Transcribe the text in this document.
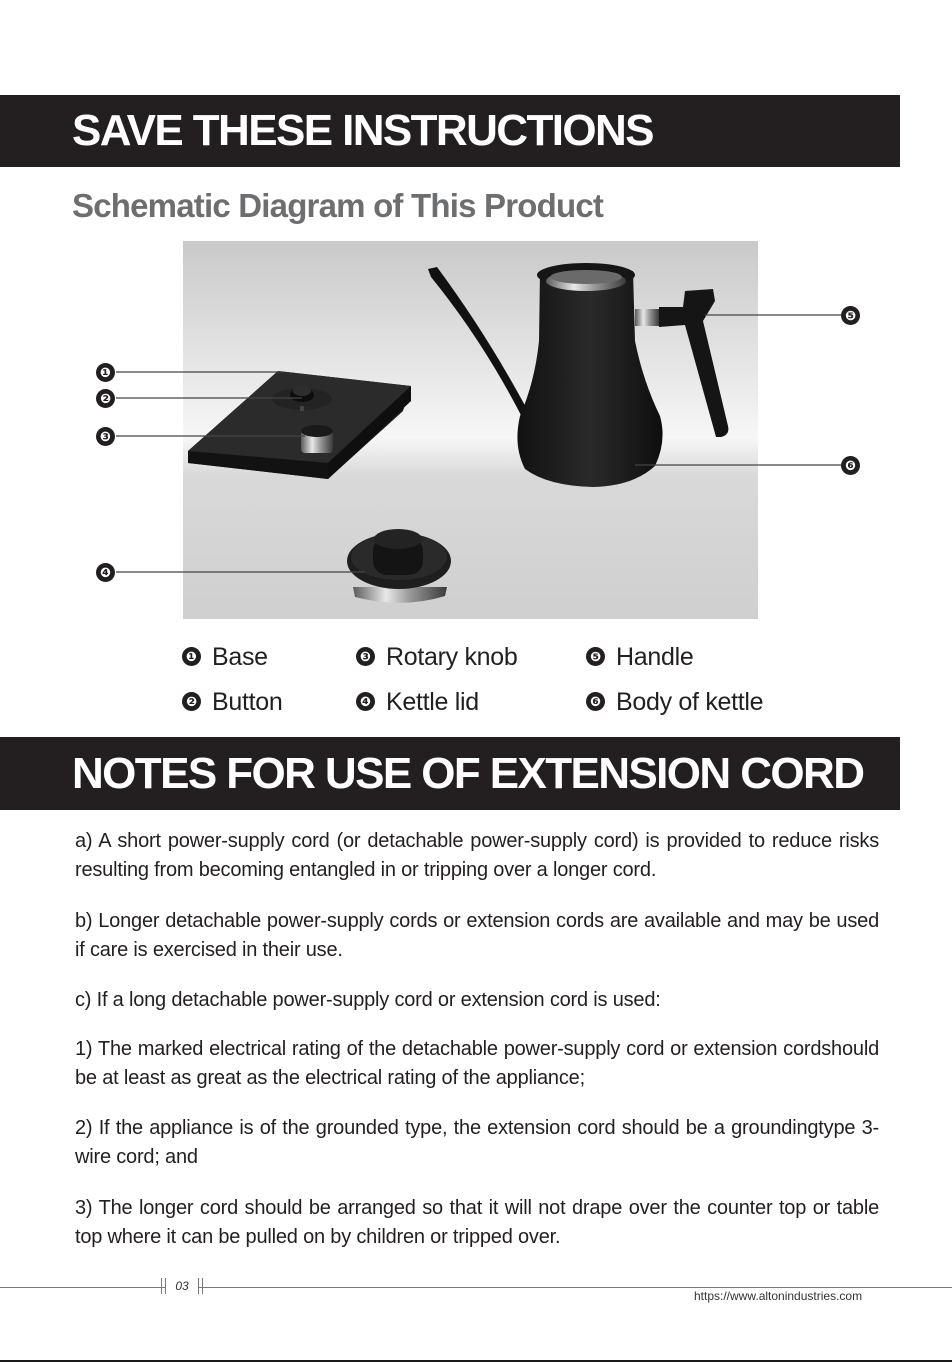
SAVE THESE INSTRUCTIONS
Schematic Diagram of This Product
❶
❷
❸
❹
❺
❻
❶ Base
❷ Button
❸ Rotary knob
❹ Kettle lid
❺ Handle
❻ Body of kettle
NOTES FOR USE OF EXTENSION CORD

a) A short power-supply cord (or detachable power-supply cord) is provided to reduce risks resulting from becoming entangled in or tripping over a longer cord.

b) Longer detachable power-supply cords or extension cords are available and may be used if care is exercised in their use.

c) If a long detachable power-supply cord or extension cord is used:

1) The marked electrical rating of the detachable power-supply cord or extension cordshould be at least as great as the electrical rating of the appliance;

2) If the appliance is of the grounded type, the extension cord should be a groundingtype 3-wire cord; and

3) The longer cord should be arranged so that it will not drape over the counter top or table top where it can be pulled on by children or tripped over.

03
https://www.altonindustries.com
